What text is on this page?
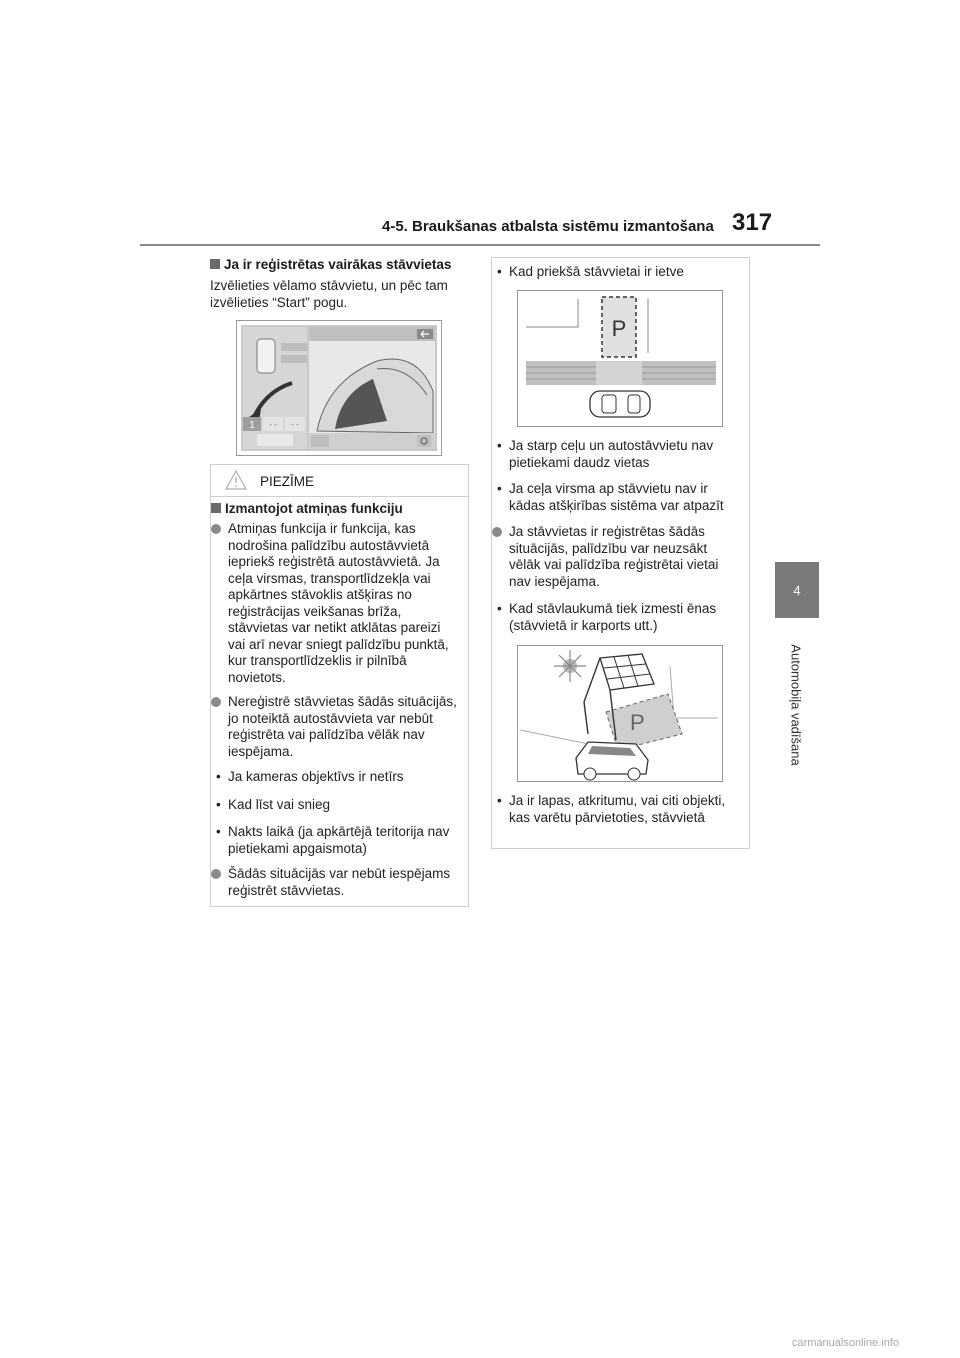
4-5. Braukšanas atbalsta sistēmu izmantošana 317
4
Automobiļa vadīšana
Ja ir reģistrētas vairākas stāvvietas
Izvēlieties vēlamo stāvvietu, un pēc tam izvēlieties “Start” pogu.
1 - - - -
PIEZĪME
Izmantojot atmiņas funkciju
Atmiņas funkcija ir funkcija, kas nodrošina palīdzību autostāvvietā iepriekš reģistrētā autostāvvietā. Ja ceļa virsmas, transportlīdzekļa vai apkārtnes stāvoklis atšķiras no reģistrācijas veikšanas brīža, stāvvietas var netikt atklātas pareizi vai arī nevar sniegt palīdzību punktā, kur transportlīdzeklis ir pilnībā novietots.
Nereģistrē stāvvietas šādās situācijās, jo noteiktā autostāvvieta var nebūt reģistrēta vai palīdzība vēlāk nav iespējama.
• Ja kameras objektīvs ir netīrs
• Kad līst vai snieg
• Nakts laikā (ja apkārtējā teritorija nav pietiekami apgaismota)
Šādās situācijās var nebūt iespējams reģistrēt stāvvietas.
• Kad priekšā stāvvietai ir ietve
P
• Ja starp ceļu un autostāvvietu nav pietiekami daudz vietas
• Ja ceļa virsma ap stāvvietu nav ir kādas atšķirības sistēma var atpazīt
Ja stāvvietas ir reģistrētas šādās situācijās, palīdzību var neuzsākt vēlāk vai palīdzība reģistrētai vietai nav iespējama.
• Kad stāvlaukumā tiek izmesti ēnas (stāvvietā ir karports utt.)
P
• Ja ir lapas, atkritumu, vai citi objekti, kas varētu pārvietoties, stāvvietā
carmanualsonline.info
